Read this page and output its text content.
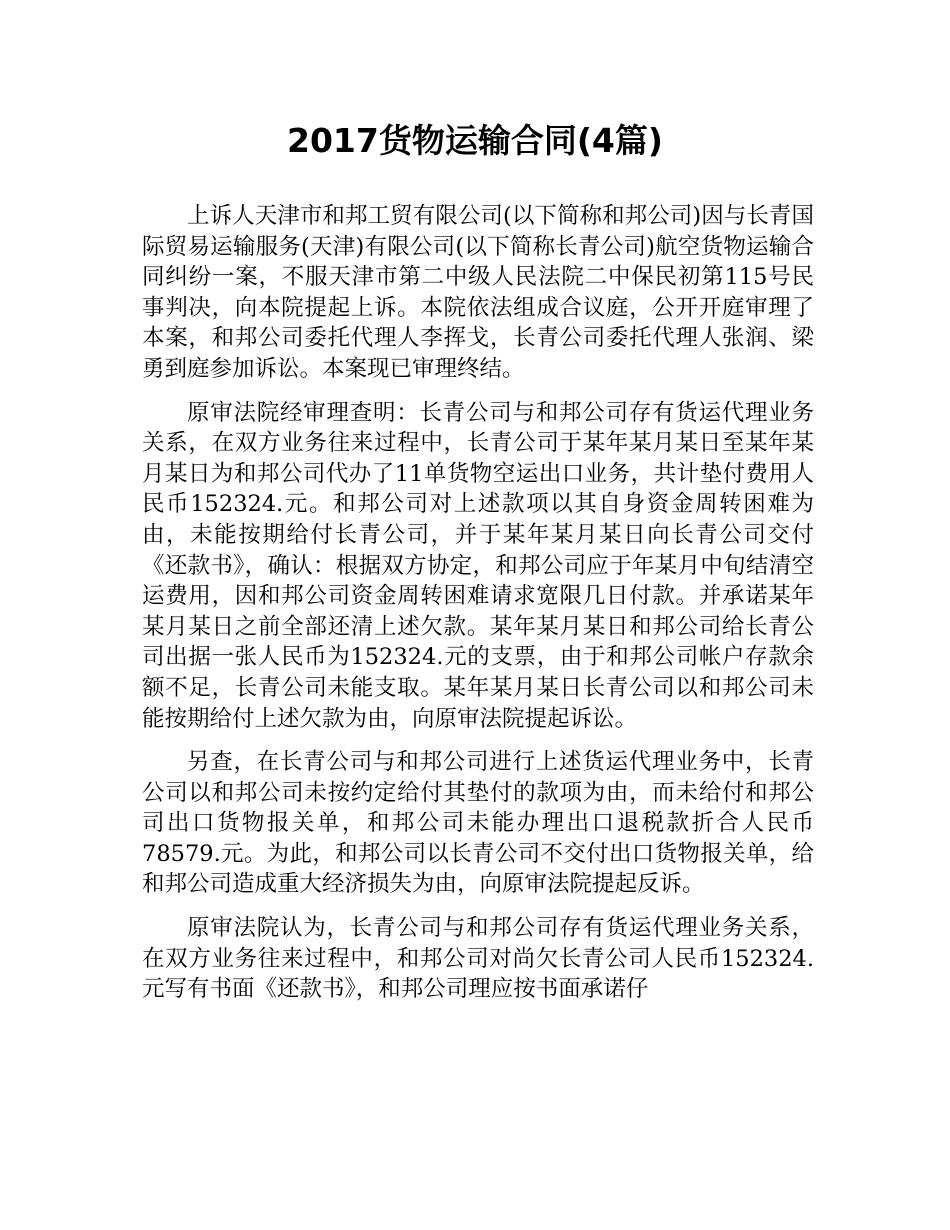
2017货物运输合同(4篇)

上诉人天津市和邦工贸有限公司(以下简称和邦公司)因与长青国际贸易运输服务(天津)有限公司(以下简称长青公司)航空货物运输合同纠纷一案，不服天津市第二中级人民法院二中保民初第115号民事判决，向本院提起上诉。本院依法组成合议庭，公开开庭审理了本案，和邦公司委托代理人李挥戈，长青公司委托代理人张润、梁勇到庭参加诉讼。本案现已审理终结。

原审法院经审理查明：长青公司与和邦公司存有货运代理业务关系，在双方业务往来过程中，长青公司于某年某月某日至某年某月某日为和邦公司代办了11单货物空运出口业务，共计垫付费用人民币152324.元。和邦公司对上述款项以其自身资金周转困难为由，未能按期给付长青公司，并于某年某月某日向长青公司交付《还款书》，确认：根据双方协定，和邦公司应于年某月中旬结清空运费用，因和邦公司资金周转困难请求宽限几日付款。并承诺某年某月某日之前全部还清上述欠款。某年某月某日和邦公司给长青公司出据一张人民币为152324.元的支票，由于和邦公司帐户存款余额不足，长青公司未能支取。某年某月某日长青公司以和邦公司未能按期给付上述欠款为由，向原审法院提起诉讼。

另查，在长青公司与和邦公司进行上述货运代理业务中，长青公司以和邦公司未按约定给付其垫付的款项为由，而未给付和邦公司出口货物报关单，和邦公司未能办理出口退税款折合人民币78579.元。为此，和邦公司以长青公司不交付出口货物报关单，给和邦公司造成重大经济损失为由，向原审法院提起反诉。

原审法院认为，长青公司与和邦公司存有货运代理业务关系，在双方业务往来过程中，和邦公司对尚欠长青公司人民币152324.元写有书面《还款书》，和邦公司理应按书面承诺仔
